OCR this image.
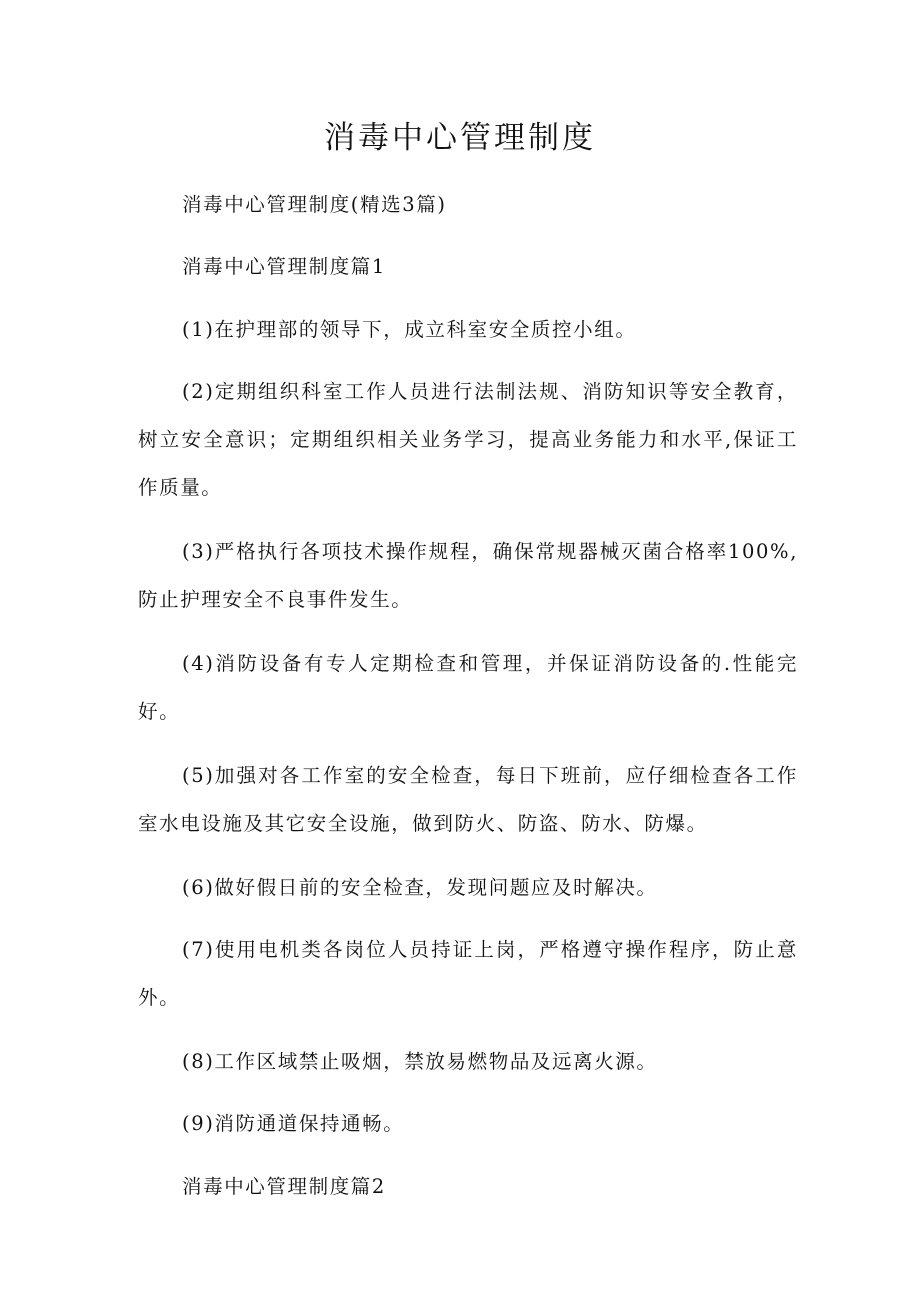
消毒中心管理制度

消毒中心管理制度(精选3篇)

消毒中心管理制度篇1

(1)在护理部的领导下，成立科室安全质控小组。

(2)定期组织科室工作人员进行法制法规、消防知识等安全教育，树立安全意识；定期组织相关业务学习，提高业务能力和水平,保证工作质量。

(3)严格执行各项技术操作规程，确保常规器械灭菌合格率100%,防止护理安全不良事件发生。

(4)消防设备有专人定期检查和管理，并保证消防设备的.性能完好。

(5)加强对各工作室的安全检查，每日下班前，应仔细检查各工作室水电设施及其它安全设施，做到防火、防盗、防水、防爆。

(6)做好假日前的安全检查，发现问题应及时解决。

(7)使用电机类各岗位人员持证上岗，严格遵守操作程序，防止意外。

(8)工作区域禁止吸烟，禁放易燃物品及远离火源。

(9)消防通道保持通畅。

消毒中心管理制度篇2
